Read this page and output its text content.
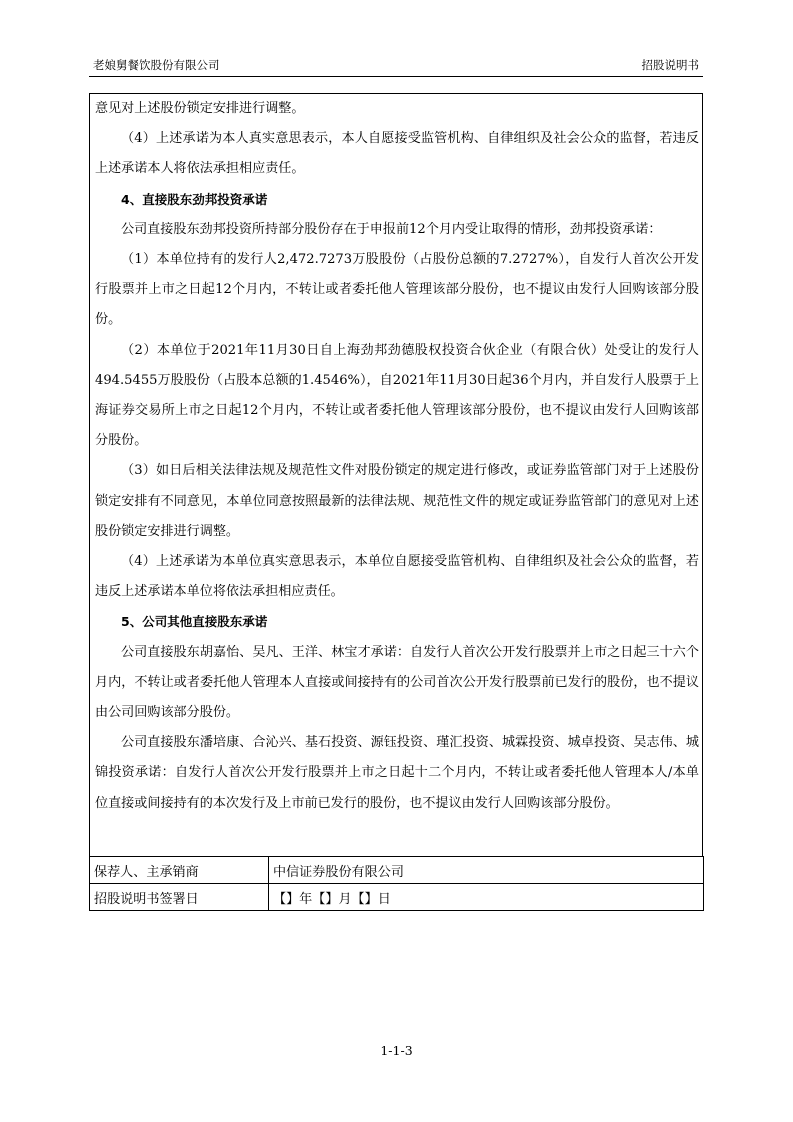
老娘舅餐饮股份有限公司	招股说明书

意见对上述股份锁定安排进行调整。

（4）上述承诺为本人真实意思表示，本人自愿接受监管机构、自律组织及社会公众的监督，若违反上述承诺本人将依法承担相应责任。

4、直接股东劲邦投资承诺

公司直接股东劲邦投资所持部分股份存在于申报前12个月内受让取得的情形，劲邦投资承诺：

（1）本单位持有的发行人2,472.7273万股股份（占股份总额的7.2727%），自发行人首次公开发行股票并上市之日起12个月内，不转让或者委托他人管理该部分股份，也不提议由发行人回购该部分股份。

（2）本单位于2021年11月30日自上海劲邦劲德股权投资合伙企业（有限合伙）处受让的发行人494.5455万股股份（占股本总额的1.4546%），自2021年11月30日起36个月内，并自发行人股票于上海证券交易所上市之日起12个月内，不转让或者委托他人管理该部分股份，也不提议由发行人回购该部分股份。

（3）如日后相关法律法规及规范性文件对股份锁定的规定进行修改，或证券监管部门对于上述股份锁定安排有不同意见，本单位同意按照最新的法律法规、规范性文件的规定或证券监管部门的意见对上述股份锁定安排进行调整。

（4）上述承诺为本单位真实意思表示，本单位自愿接受监管机构、自律组织及社会公众的监督，若违反上述承诺本单位将依法承担相应责任。

5、公司其他直接股东承诺

公司直接股东胡嘉怡、吴凡、王洋、林宝才承诺：自发行人首次公开发行股票并上市之日起三十六个月内，不转让或者委托他人管理本人直接或间接持有的公司首次公开发行股票前已发行的股份，也不提议由公司回购该部分股份。

公司直接股东潘培康、合沁兴、基石投资、源钰投资、瑾汇投资、城霖投资、城卓投资、吴志伟、城锦投资承诺：自发行人首次公开发行股票并上市之日起十二个月内，不转让或者委托他人管理本人/本单位直接或间接持有的本次发行及上市前已发行的股份，也不提议由发行人回购该部分股份。

保荐人、主承销商	中信证券股份有限公司
招股说明书签署日	【】年【】月【】日
1-1-3
